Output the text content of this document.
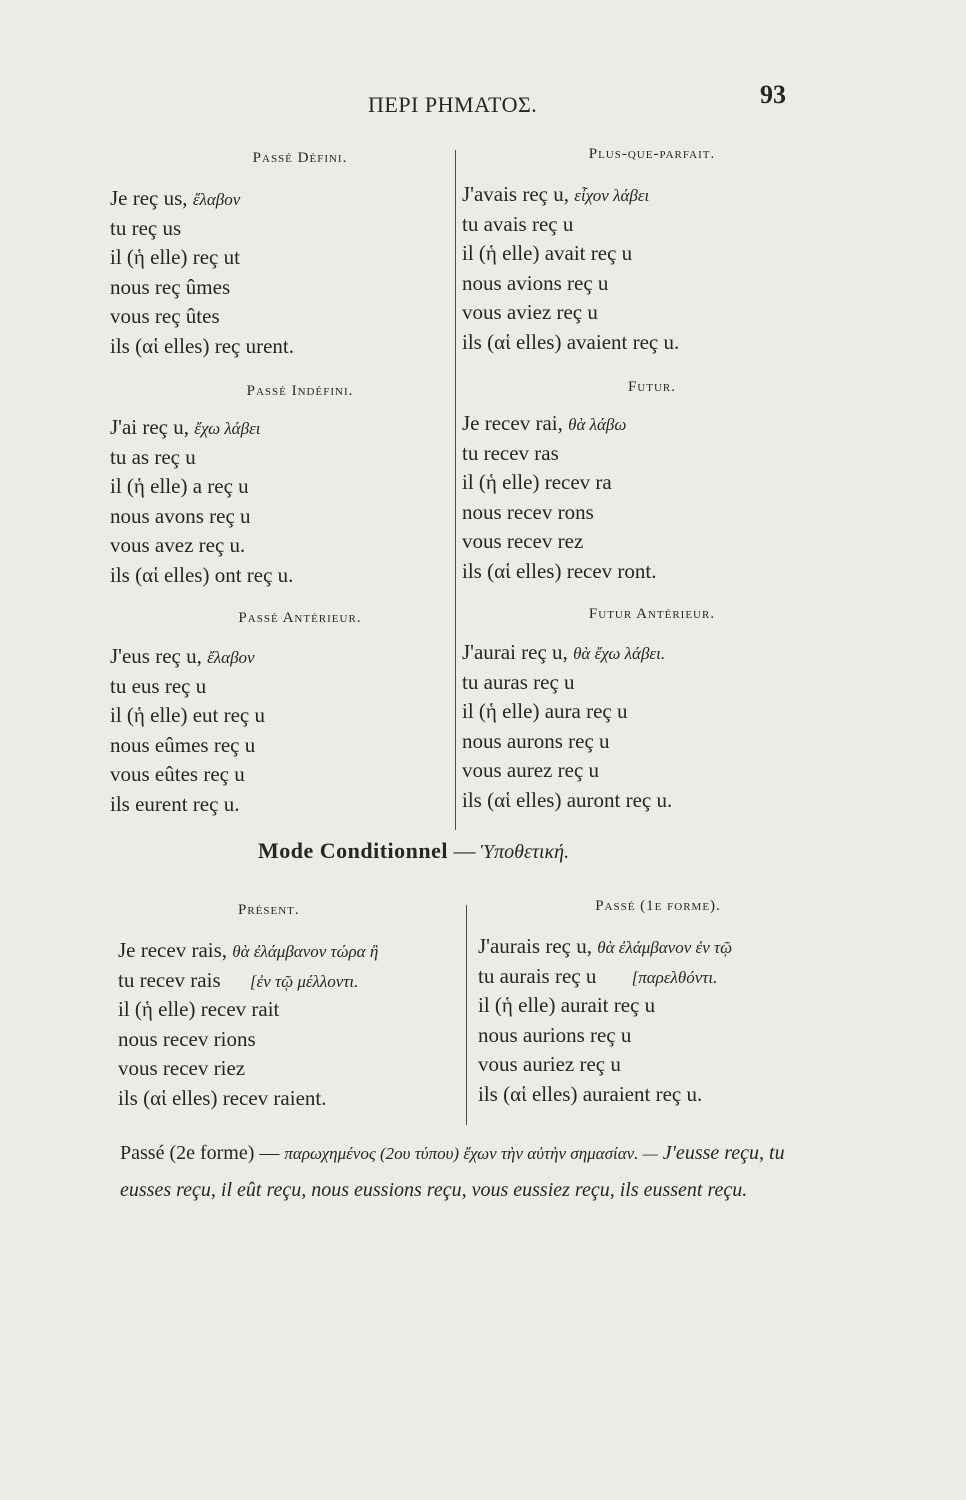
ΠΕΡΙ ΡΗΜΑΤΟΣ.	93
Passé Défini.
Je reç us, ἔλαβον
tu reç us
il (ἡ elle) reç ut
nous reç ûmes
vous reç ûtes
ils (αἱ elles) reç urent.
Passé Indéfini.
J'ai reç u, ἔχω λάβει
tu as reç u
il (ἡ elle) a reç u
nous avons reç u
vous avez reç u.
ils (αἱ elles) ont reç u.
Passé Antérieur.
J'eus reç u, ἔλαβον
tu eus reç u
il (ἡ elle) eut reç u
nous eûmes reç u
vous eûtes reç u
ils eurent reç u.
Plus-que-parfait.
J'avais reç u, εἶχον λάβει
tu avais reç u
il (ἡ elle) avait reç u
nous avions reç u
vous aviez reç u
ils (αἱ elles) avaient reç u.
Futur.
Je recev rai, θὰ λάβω
tu recev ras
il (ἡ elle) recev ra
nous recev rons
vous recev rez
ils (αἱ elles) recev ront.
Futur Antérieur.
J'aurai reç u, θὰ ἔχω λάβει.
tu auras reç u
il (ἡ elle) aura reç u
nous aurons reç u
vous aurez reç u
ils (αἱ elles) auront reç u.
Mode Conditionnel — Ὑποθετική.
Présent.
Je recev rais, θὰ ἐλάμβανον τώρα ἢ
tu recev rais [ἐν τῷ μέλλοντι.
il (ἡ elle) recev rait
nous recev rions
vous recev riez
ils (αἱ elles) recev raient.
Passé (1e forme).
J'aurais reç u, θὰ ἐλάμβανον ἐν τῷ
tu aurais reç u [παρελθόντι.
il (ἡ elle) aurait reç u
nous aurions reç u
vous auriez reç u
ils (αἱ elles) auraient reç u.
Passé (2e forme) — παρωχημένος (2ου τύπου) ἔχων τὴν αὐτὴν σημασίαν. — J'eusse reçu, tu eusses reçu, il eût reçu, nous eussions reçu, vous eussiez reçu, ils eussent reçu.
